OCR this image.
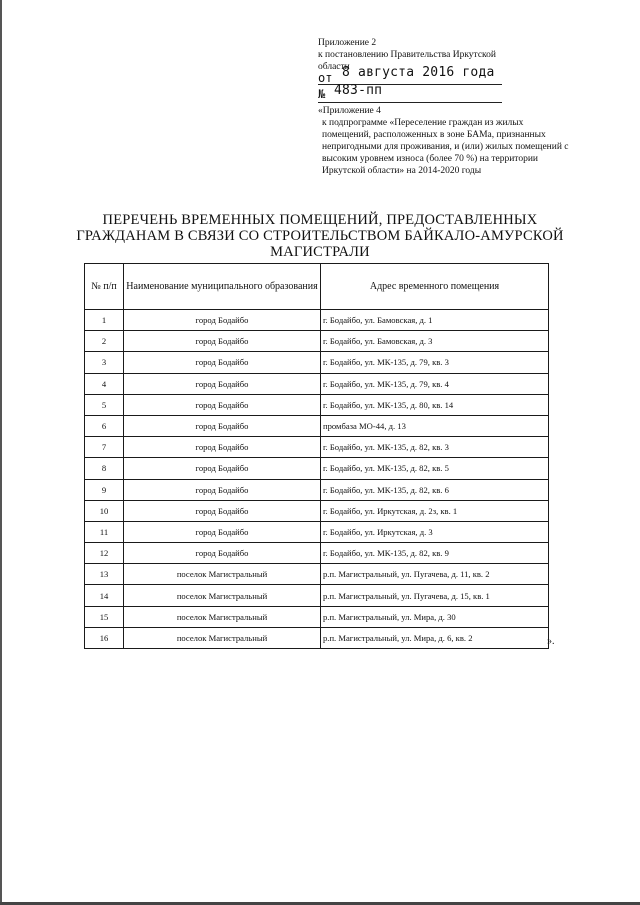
Приложение 2
к постановлению Правительства Иркутской
области
от 8 августа 2016 года
№ 483-пп
«Приложение 4
к подпрограмме «Переселение граждан из жилых помещений, расположенных в зоне БАМа, признанных непригодными для проживания, и (или) жилых помещений с высоким уровнем износа (более 70 %) на территории Иркутской области» на 2014-2020 годы
ПЕРЕЧЕНЬ ВРЕМЕННЫХ ПОМЕЩЕНИЙ, ПРЕДОСТАВЛЕННЫХ
ГРАЖДАНАМ В СВЯЗИ СО СТРОИТЕЛЬСТВОМ БАЙКАЛО-АМУРСКОЙ
МАГИСТРАЛИ
№ п/п	Наименование муниципального образования	Адрес временного помещения
1	город Бодайбо	г. Бодайбо, ул. Бамовская, д. 1
2	город Бодайбо	г. Бодайбо, ул. Бамовская, д. 3
3	город Бодайбо	г. Бодайбо, ул. МК-135, д. 79, кв. 3
4	город Бодайбо	г. Бодайбо, ул. МК-135, д. 79, кв. 4
5	город Бодайбо	г. Бодайбо, ул. МК-135, д. 80, кв. 14
6	город Бодайбо	промбаза МО-44, д. 13
7	город Бодайбо	г. Бодайбо, ул. МК-135, д. 82, кв. 3
8	город Бодайбо	г. Бодайбо, ул. МК-135, д. 82, кв. 5
9	город Бодайбо	г. Бодайбо, ул. МК-135, д. 82, кв. 6
10	город Бодайбо	г. Бодайбо, ул. Иркутская, д. 2з, кв. 1
11	город Бодайбо	г. Бодайбо, ул. Иркутская, д. 3
12	город Бодайбо	г. Бодайбо, ул. МК-135, д. 82, кв. 9
13	поселок Магистральный	р.п. Магистральный, ул. Пугачева, д. 11, кв. 2
14	поселок Магистральный	р.п. Магистральный, ул. Пугачева, д. 15, кв. 1
15	поселок Магистральный	р.п. Магистральный, ул. Мира, д. 30
16	поселок Магистральный	р.п. Магистральный, ул. Мира, д. 6, кв. 2	».
